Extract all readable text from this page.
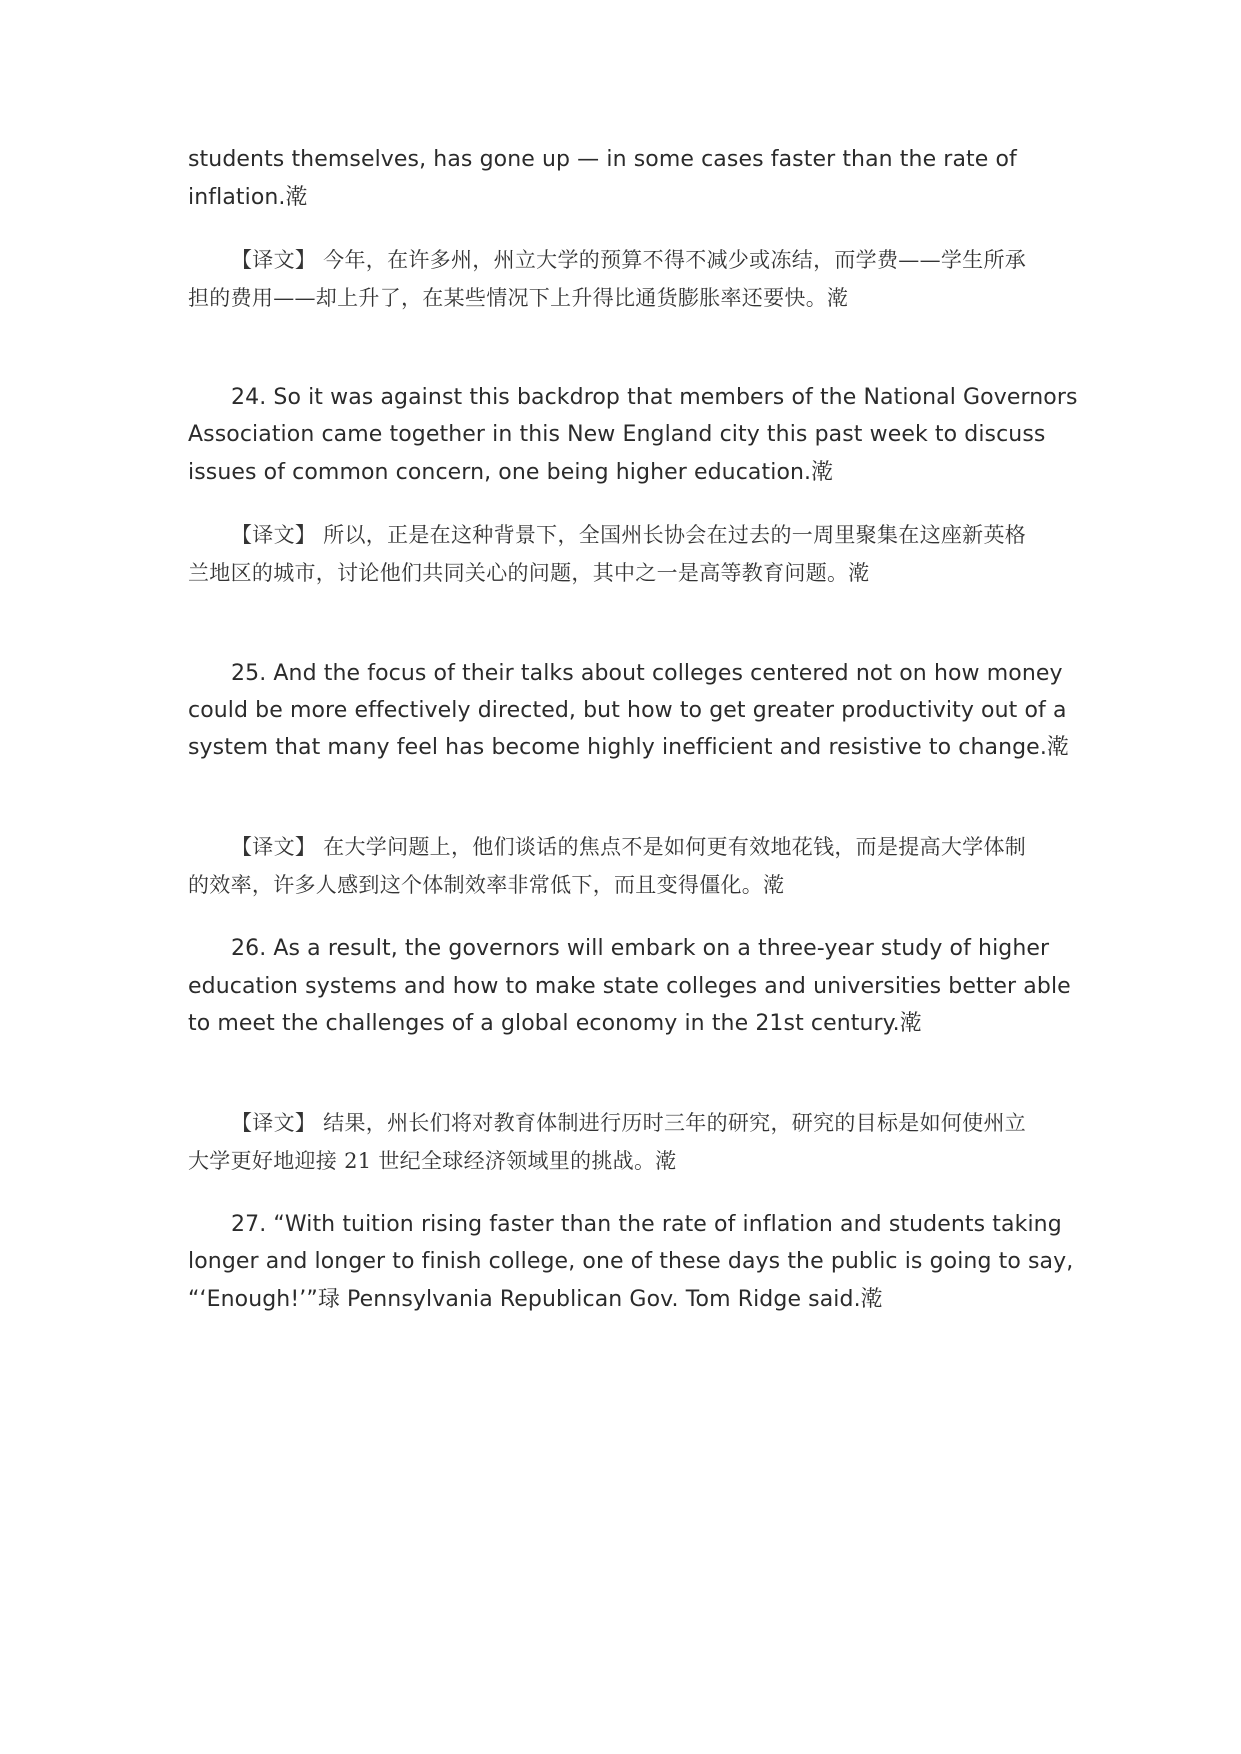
students themselves, has gone up — in some cases faster than the rate of
inflation.漧
【译文】 今年，在许多州，州立大学的预算不得不减少或冻结，而学费——学生所承
担的费用——却上升了，在某些情况下上升得比通货膨胀率还要快。漧
24. So it was against this backdrop that members of the National Governors
Association came together in this New England city this past week to discuss
issues of common concern, one being higher education.漧
【译文】 所以，正是在这种背景下，全国州长协会在过去的一周里聚集在这座新英格
兰地区的城市，讨论他们共同关心的问题，其中之一是高等教育问题。漧
25. And the focus of their talks about colleges centered not on how money
could be more effectively directed, but how to get greater productivity out of a
system that many feel has become highly inefficient and resistive to change.漧
【译文】 在大学问题上，他们谈话的焦点不是如何更有效地花钱，而是提高大学体制
的效率，许多人感到这个体制效率非常低下，而且变得僵化。漧
26. As a result, the governors will embark on a three-year study of higher
education systems and how to make state colleges and universities better able
to meet the challenges of a global economy in the 21st century.漧
【译文】 结果，州长们将对教育体制进行历时三年的研究，研究的目标是如何使州立
大学更好地迎接 21 世纪全球经济领域里的挑战。漧
27. “With tuition rising faster than the rate of inflation and students taking
longer and longer to finish college, one of these days the public is going to say,
“‘Enough!’”琭 Pennsylvania Republican Gov. Tom Ridge said.漧
